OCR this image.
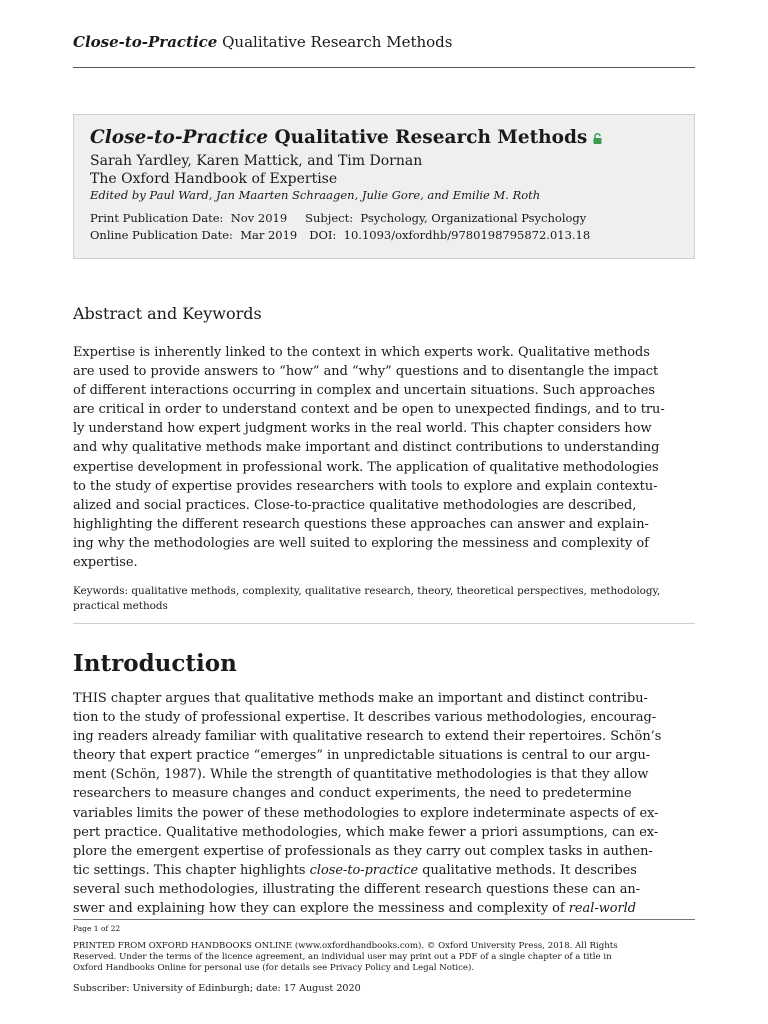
Close-to-Practice Qualitative Research Methods
Close-to-Practice Qualitative Research Methods
Sarah Yardley, Karen Mattick, and Tim Dornan
The Oxford Handbook of Expertise
Edited by Paul Ward, Jan Maarten Schraagen, Julie Gore, and Emilie M. Roth
Print Publication Date: Nov 2019 Subject: Psychology, Organizational Psychology
Online Publication Date: Mar 2019 DOI: 10.1093/oxfordhb/9780198795872.013.18
Abstract and Keywords

Expertise is inherently linked to the context in which experts work. Qualitative methods
are used to provide answers to “how” and “why” questions and to disentangle the impact
of different interactions occurring in complex and uncertain situations. Such approaches
are critical in order to understand context and be open to unexpected findings, and to tru-
ly understand how expert judgment works in the real world. This chapter considers how
and why qualitative methods make important and distinct contributions to understanding
expertise development in professional work. The application of qualitative methodologies
to the study of expertise provides researchers with tools to explore and explain contextu-
alized and social practices. Close-to-practice qualitative methodologies are described,
highlighting the different research questions these approaches can answer and explain-
ing why the methodologies are well suited to exploring the messiness and complexity of
expertise.

Keywords: qualitative methods, complexity, qualitative research, theory, theoretical perspectives, methodology,
practical methods

Introduction

THIS chapter argues that qualitative methods make an important and distinct contribu-
tion to the study of professional expertise. It describes various methodologies, encourag-
ing readers already familiar with qualitative research to extend their repertoires. Schön’s
theory that expert practice “emerges” in unpredictable situations is central to our argu-
ment (Schön, 1987). While the strength of quantitative methodologies is that they allow
researchers to measure changes and conduct experiments, the need to predetermine
variables limits the power of these methodologies to explore indeterminate aspects of ex-
pert practice. Qualitative methodologies, which make fewer a priori assumptions, can ex-
plore the emergent expertise of professionals as they carry out complex tasks in authen-
tic settings. This chapter highlights close-to-practice qualitative methods. It describes
several such methodologies, illustrating the different research questions these can an-
swer and explaining how they can explore the messiness and complexity of real-world

Page 1 of 22

PRINTED FROM OXFORD HANDBOOKS ONLINE (www.oxfordhandbooks.com). © Oxford University Press, 2018. All Rights
Reserved. Under the terms of the licence agreement, an individual user may print out a PDF of a single chapter of a title in
Oxford Handbooks Online for personal use (for details see Privacy Policy and Legal Notice).

Subscriber: University of Edinburgh; date: 17 August 2020
